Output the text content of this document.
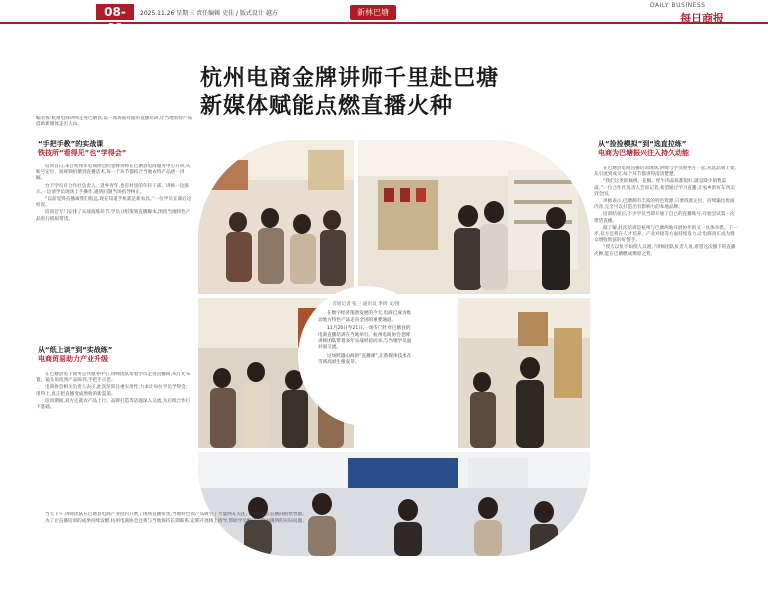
08-09
2025.11.26 星期三 责任编辑 史佳 / 版式设计 越方	新林巴塘
DAILY BUSINESS
每日商报
首席记者 张三 通讯员 李四 文/图

在数字经济蓬勃发展的今天,电商已成为推动地方特色产品走向全国的重要通道。

11月20日至21日,一场专门针对巴塘县的电商直播培训在当地举行。杭州电商协会金牌讲师团队带着多年实战经验而来,与当地学员面对面交流。

这场跨越山海的“直播课”,让新媒体技术在雪域高原生根发芽。

杭州电商金牌讲师千里赴巴塘
新媒体赋能点燃直播火种
编者按:杭州电商讲师走进巴塘县,以一场场面对面的直播培训,让当地农特产品借助新媒体走出大山。
“手把手教”的实战课
铁技所“看得见”也“学得会”

培训首日,来自杭州市电商协会的金牌讲师在巴塘县电商服务中心开讲,从账号定位、短视频拍摄到直播话术,每一个环节都结合当地农特产品逐一讲解。

台下学员有合作社负责人、返乡青年,也有村里的年轻干部。讲师一边演示,一边请学员现场上手操作,遇到问题当场指导纠正。

“以前觉得直播离我们很远,现在知道手机就是新农具。”一位学员在课后这样说。

培训还专门安排了实战演练环节,学员分组策划直播脚本,围绕当地特色产品进行模拟带货。

从“纸上谈”到“实战练”
电商贸易助力产业升级

在巴塘县电子商务公共服务中心,讲师团队带着学员走进直播间,从灯光布置、镜头角度到产品陈列,手把手示范。

电商协会相关负责人表示,此次培训注重实用性,力求让每位学员学得会、用得上,真正把直播变成增收的新渠道。

培训期间,双方还就农产品上行、品牌打造等话题深入交流,为后续合作打下基础。

当天下午,讲师团队在巴塘县电商产业园内开展了现场直播带货,当地特色农产品吸引了大量网友关注,不少产品在直播间很快售罄。

为了让直播培训的成果持续发酵,杭州电商协会还将与当地保持长期联系,定期开展线上指导,帮助学员解决运营中遇到的实际问题。

从“捡捡模拟”到“选直拉练”
电商为巴塘振兴注入持久动能

在巴塘县电商直播培训现场,讲师与学员围坐在一起,从选品到上架,从引流到成交,每个环节都讲得清清楚楚。

“我们这里的核桃、花椒、牦牛肉品质都很好,就是缺少销售渠道。”一位合作社负责人告诉记者,希望通过学习直播,让家乡的好东西卖到全国。

讲师表示,巴塘拥有丰富的特色资源,只要找准定位、持续输出优质内容,完全可以打造出有影响力的本地品牌。

培训结束后,不少学员当即开通了自己的直播账号,开始尝试第一次带货直播。

据了解,此次培训是杭州与巴塘两地开展协作的又一具体举措。下一步,双方还将在人才培养、产业对接等方面持续发力,让电商真正成为群众增收致富的好帮手。

“授人以鱼不如授人以渔。”讲师团队负责人说,希望这次播下的直播火种,能在巴塘燃成燎原之势。
